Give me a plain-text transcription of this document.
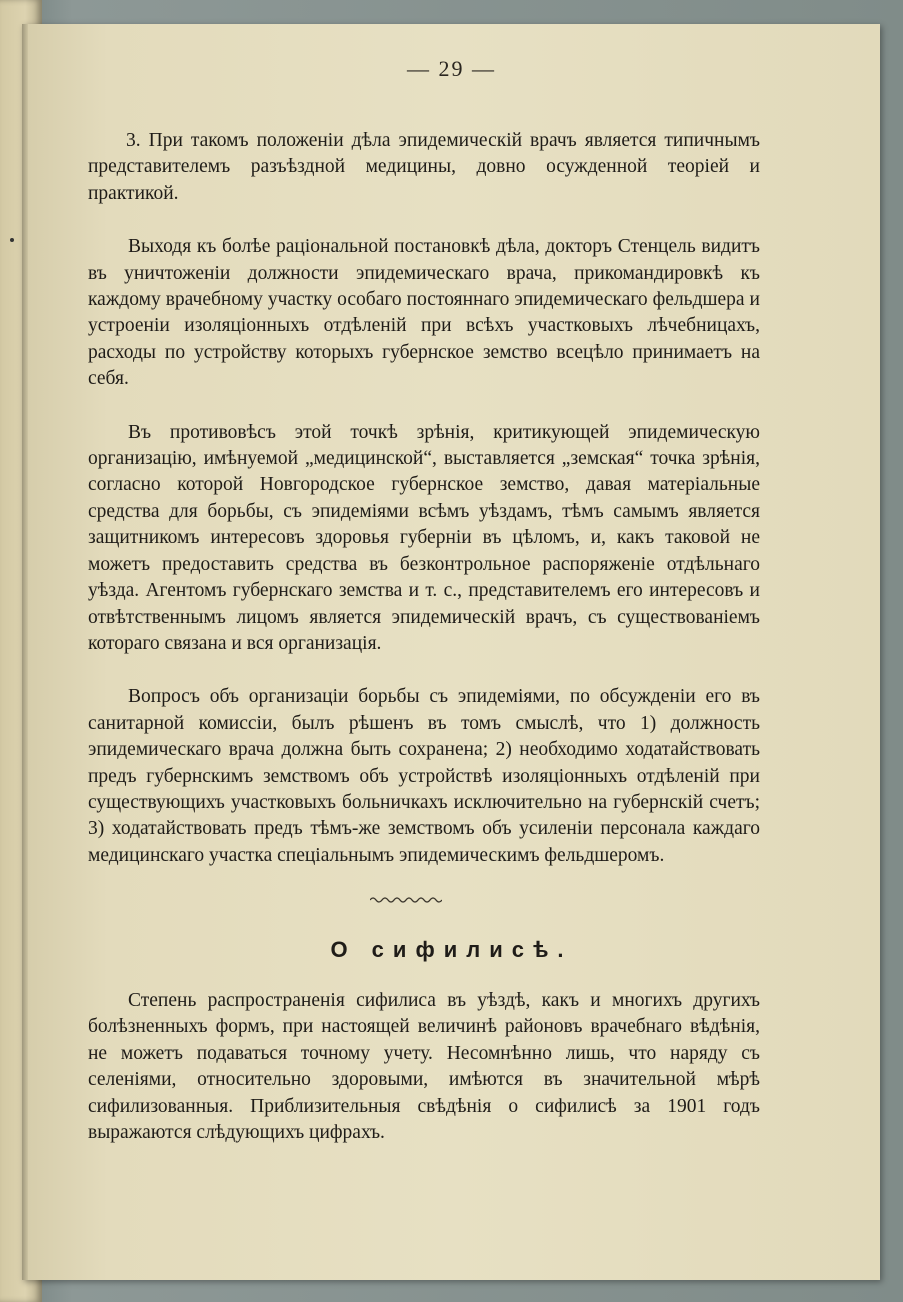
— 29 —

3. При такомъ положеніи дѣла эпидемическій врачъ является типичнымъ представителемъ разъѣздной медицины, довно осужденной теоріей и практикой.

Выходя къ болѣе раціональной постановкѣ дѣла, докторъ Стенцель видитъ въ уничтоженіи должности эпидемическаго врача, прикомандировкѣ къ каждому врачебному участку особаго постояннаго эпидемическаго фельдшера и устроеніи изоляціонныхъ отдѣленій при всѣхъ участковыхъ лѣчебницахъ, расходы по устройству которыхъ губернское земство всецѣло принимаетъ на себя.

Въ противовѣсъ этой точкѣ зрѣнія, критикующей эпидемическую организацію, имѣнуемой „медицинской“, выставляется „земская“ точка зрѣнія, согласно которой Новгородское губернское земство, давая матеріальные средства для борьбы, съ эпидеміями всѣмъ уѣздамъ, тѣмъ самымъ является защитникомъ интересовъ здоровья губерніи въ цѣломъ, и, какъ таковой не можетъ предоставить средства въ безконтрольное распоряженіе отдѣльнаго уѣзда. Агентомъ губернскаго земства и т. с., представителемъ его интересовъ и отвѣтственнымъ лицомъ является эпидемическій врачъ, съ существованіемъ котораго связана и вся организація.

Вопросъ объ организаціи борьбы съ эпидеміями, по обсужденіи его въ санитарной комиссіи, былъ рѣшенъ въ томъ смыслѣ, что 1) должность эпидемическаго врача должна быть сохранена; 2) необходимо ходатайствовать предъ губернскимъ земствомъ объ устройствѣ изоляціонныхъ отдѣленій при существующихъ участковыхъ больничкахъ исключительно на губернскій счетъ; 3) ходатайствовать предъ тѣмъ-же земствомъ объ усиленіи персонала каждаго медицинскаго участка спеціальнымъ эпидемическимъ фельдшеромъ.

О сифилисѣ.

Степень распространенія сифилиса въ уѣздѣ, какъ и многихъ другихъ болѣзненныхъ формъ, при настоящей величинѣ районовъ врачебнаго вѣдѣнія, не можетъ подаваться точному учету. Несомнѣнно лишь, что наряду съ селеніями, относительно здоровыми, имѣются въ значительной мѣрѣ сифилизованныя. Приблизительныя свѣдѣнія о сифилисѣ за 1901 годъ выражаются слѣдующихъ цифрахъ.
